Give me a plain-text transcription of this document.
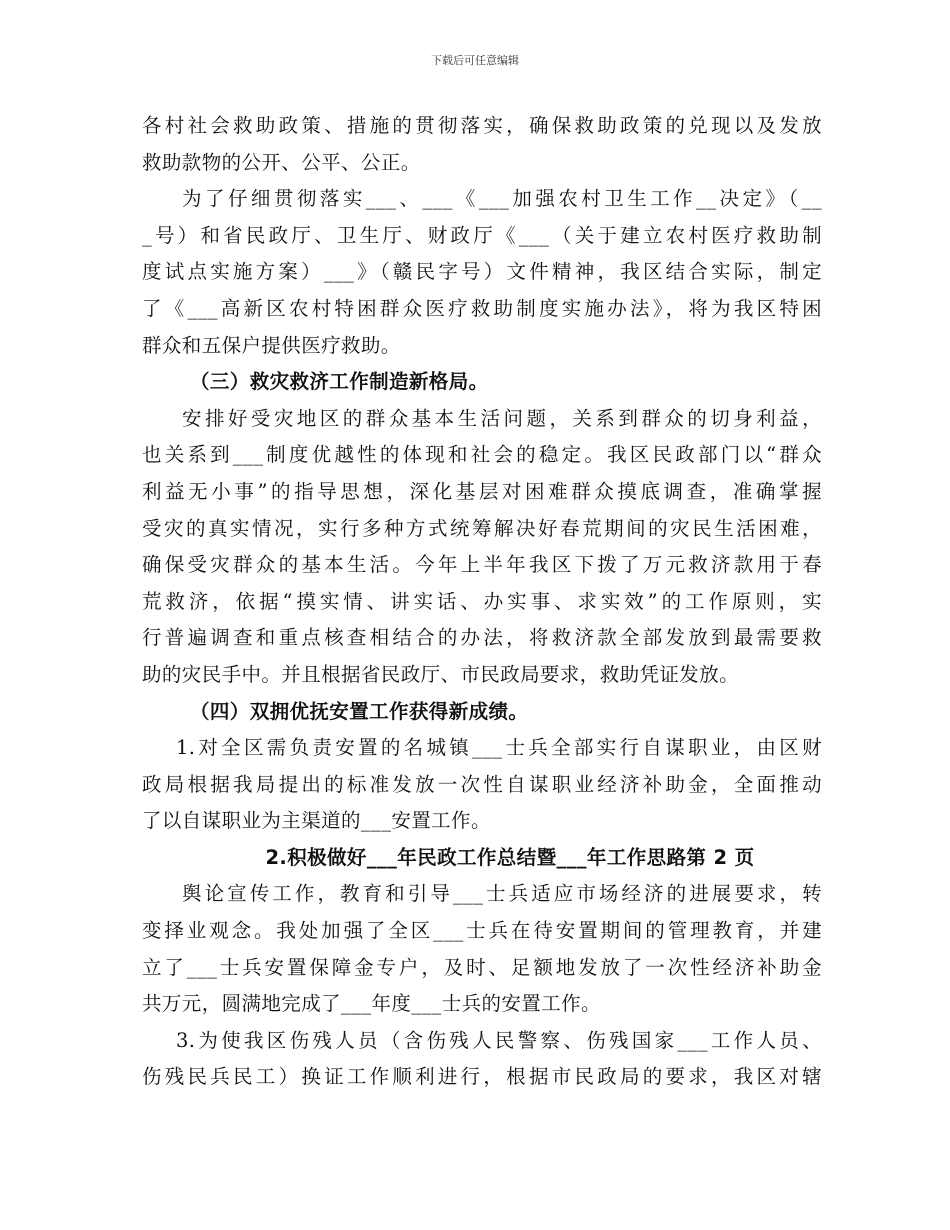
下载后可任意编辑
各村社会救助政策、措施的贯彻落实，确保救助政策的兑现以及发放
救助款物的公开、公平、公正。
为了仔细贯彻落实___、___《___加强农村卫生工作__决定》（__
_号）和省民政厅、卫生厅、财政厅《___（关于建立农村医疗救助制
度试点实施方案）___》（赣民字号）文件精神，我区结合实际，制定
了《___高新区农村特困群众医疗救助制度实施办法》，将为我区特困
群众和五保户提供医疗救助。
（三）救灾救济工作制造新格局。
安排好受灾地区的群众基本生活问题，关系到群众的切身利益，
也关系到___制度优越性的体现和社会的稳定。我区民政部门以“群众
利益无小事”的指导思想，深化基层对困难群众摸底调查，准确掌握
受灾的真实情况，实行多种方式统筹解决好春荒期间的灾民生活困难，
确保受灾群众的基本生活。今年上半年我区下拨了万元救济款用于春
荒救济，依据“摸实情、讲实话、办实事、求实效”的工作原则，实
行普遍调查和重点核查相结合的办法，将救济款全部发放到最需要救
助的灾民手中。并且根据省民政厅、市民政局要求，救助凭证发放。
（四）双拥优抚安置工作获得新成绩。
1.对全区需负责安置的名城镇___士兵全部实行自谋职业，由区财
政局根据我局提出的标准发放一次性自谋职业经济补助金，全面推动
了以自谋职业为主渠道的___安置工作。
2.积极做好___年民政工作总结暨___年工作思路第 2 页
舆论宣传工作，教育和引导___士兵适应市场经济的进展要求，转
变择业观念。我处加强了全区___士兵在待安置期间的管理教育，并建
立了___士兵安置保障金专户，及时、足额地发放了一次性经济补助金
共万元，圆满地完成了___年度___士兵的安置工作。
3.为使我区伤残人员（含伤残人民警察、伤残国家___工作人员、
伤残民兵民工）换证工作顺利进行，根据市民政局的要求，我区对辖
